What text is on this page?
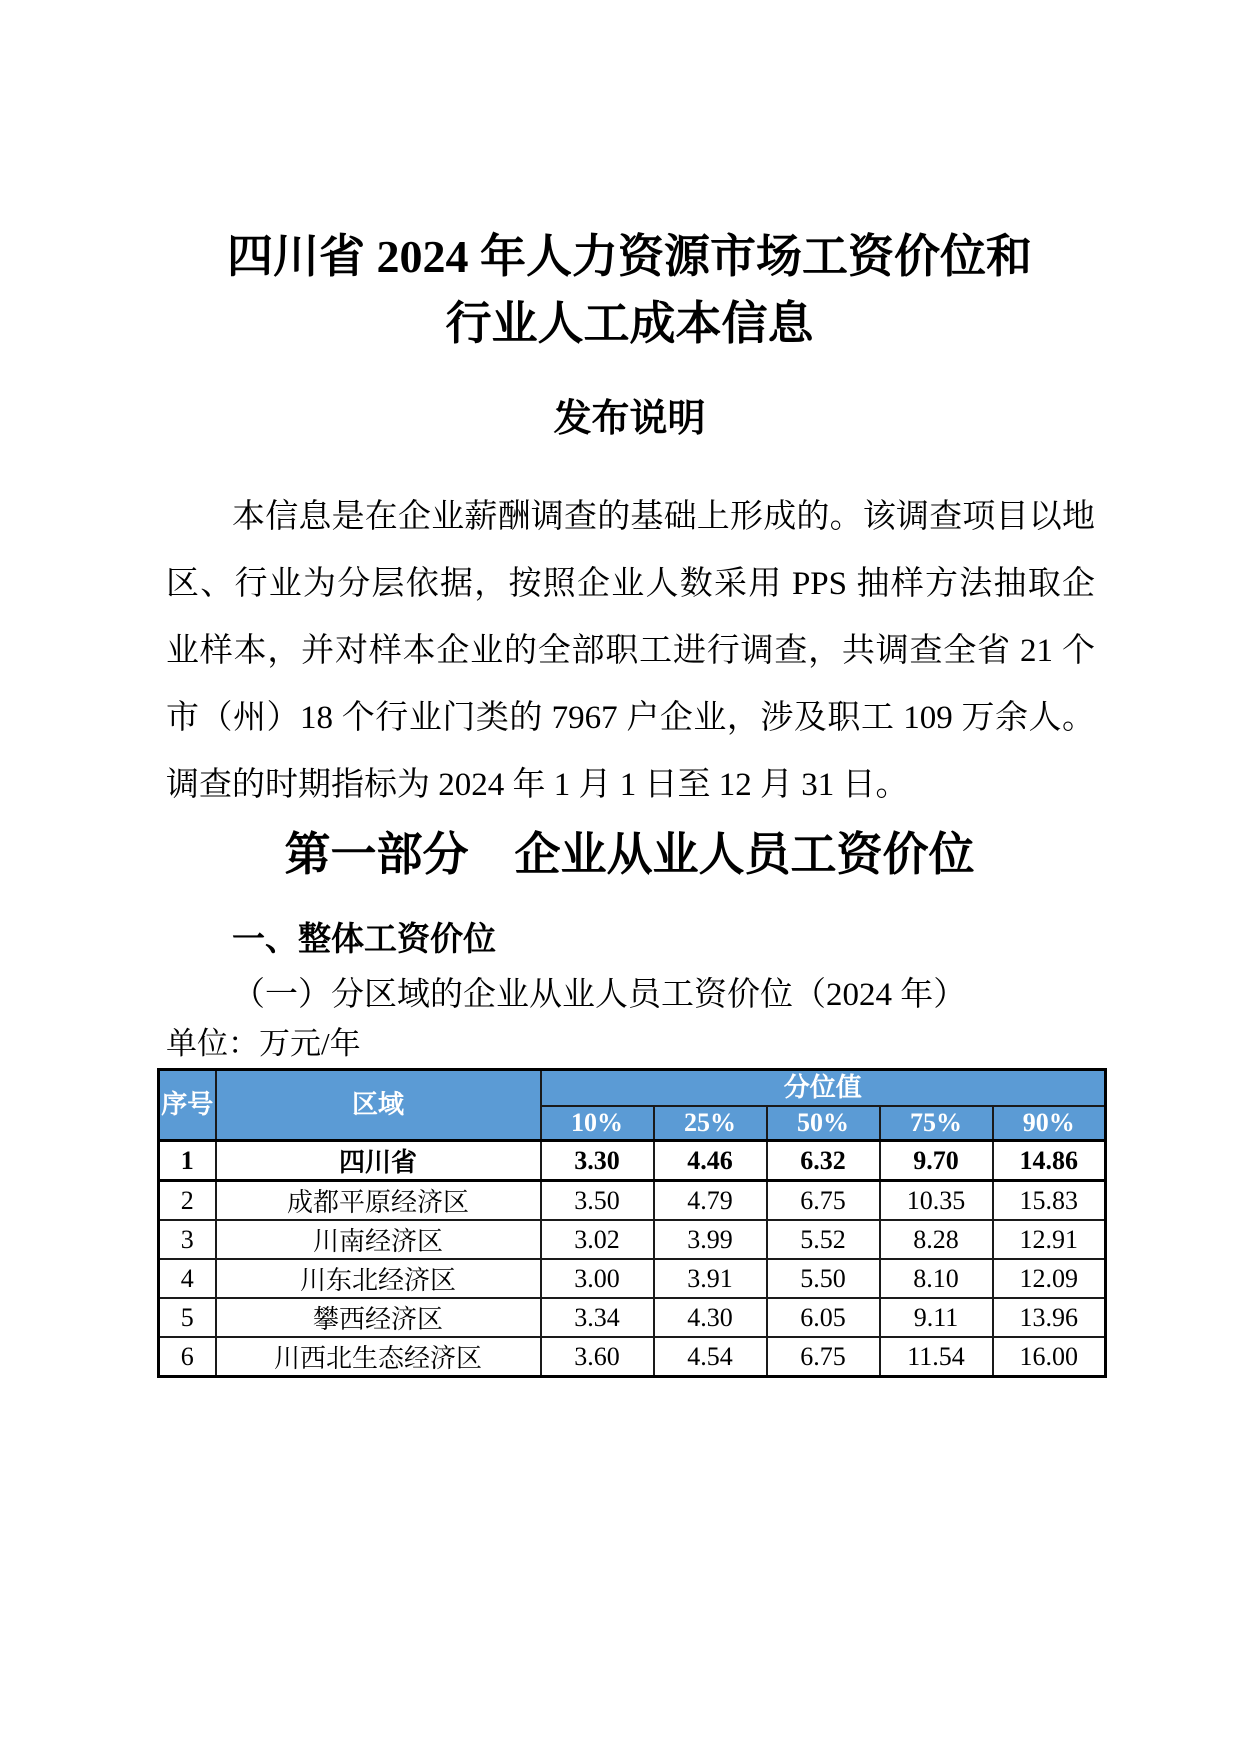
四川省 2024 年人力资源市场工资价位和
行业人工成本信息
发布说明
本信息是在企业薪酬调查的基础上形成的。该调查项目以地
区、行业为分层依据，按照企业人数采用 PPS 抽样方法抽取企
业样本，并对样本企业的全部职工进行调查，共调查全省 21 个
市（州）18 个行业门类的 7967 户企业，涉及职工 109 万余人。
调查的时期指标为 2024 年 1 月 1 日至 12 月 31 日。
第一部分　企业从业人员工资价位
一、整体工资价位
（一）分区域的企业从业人员工资价位（2024 年）
单位：万元/年
序号	区域	分位值				
		10%	25%	50%	75%	90%
1	四川省	3.30	4.46	6.32	9.70	14.86
2	成都平原经济区	3.50	4.79	6.75	10.35	15.83
3	川南经济区	3.02	3.99	5.52	8.28	12.91
4	川东北经济区	3.00	3.91	5.50	8.10	12.09
5	攀西经济区	3.34	4.30	6.05	9.11	13.96
6	川西北生态经济区	3.60	4.54	6.75	11.54	16.00
